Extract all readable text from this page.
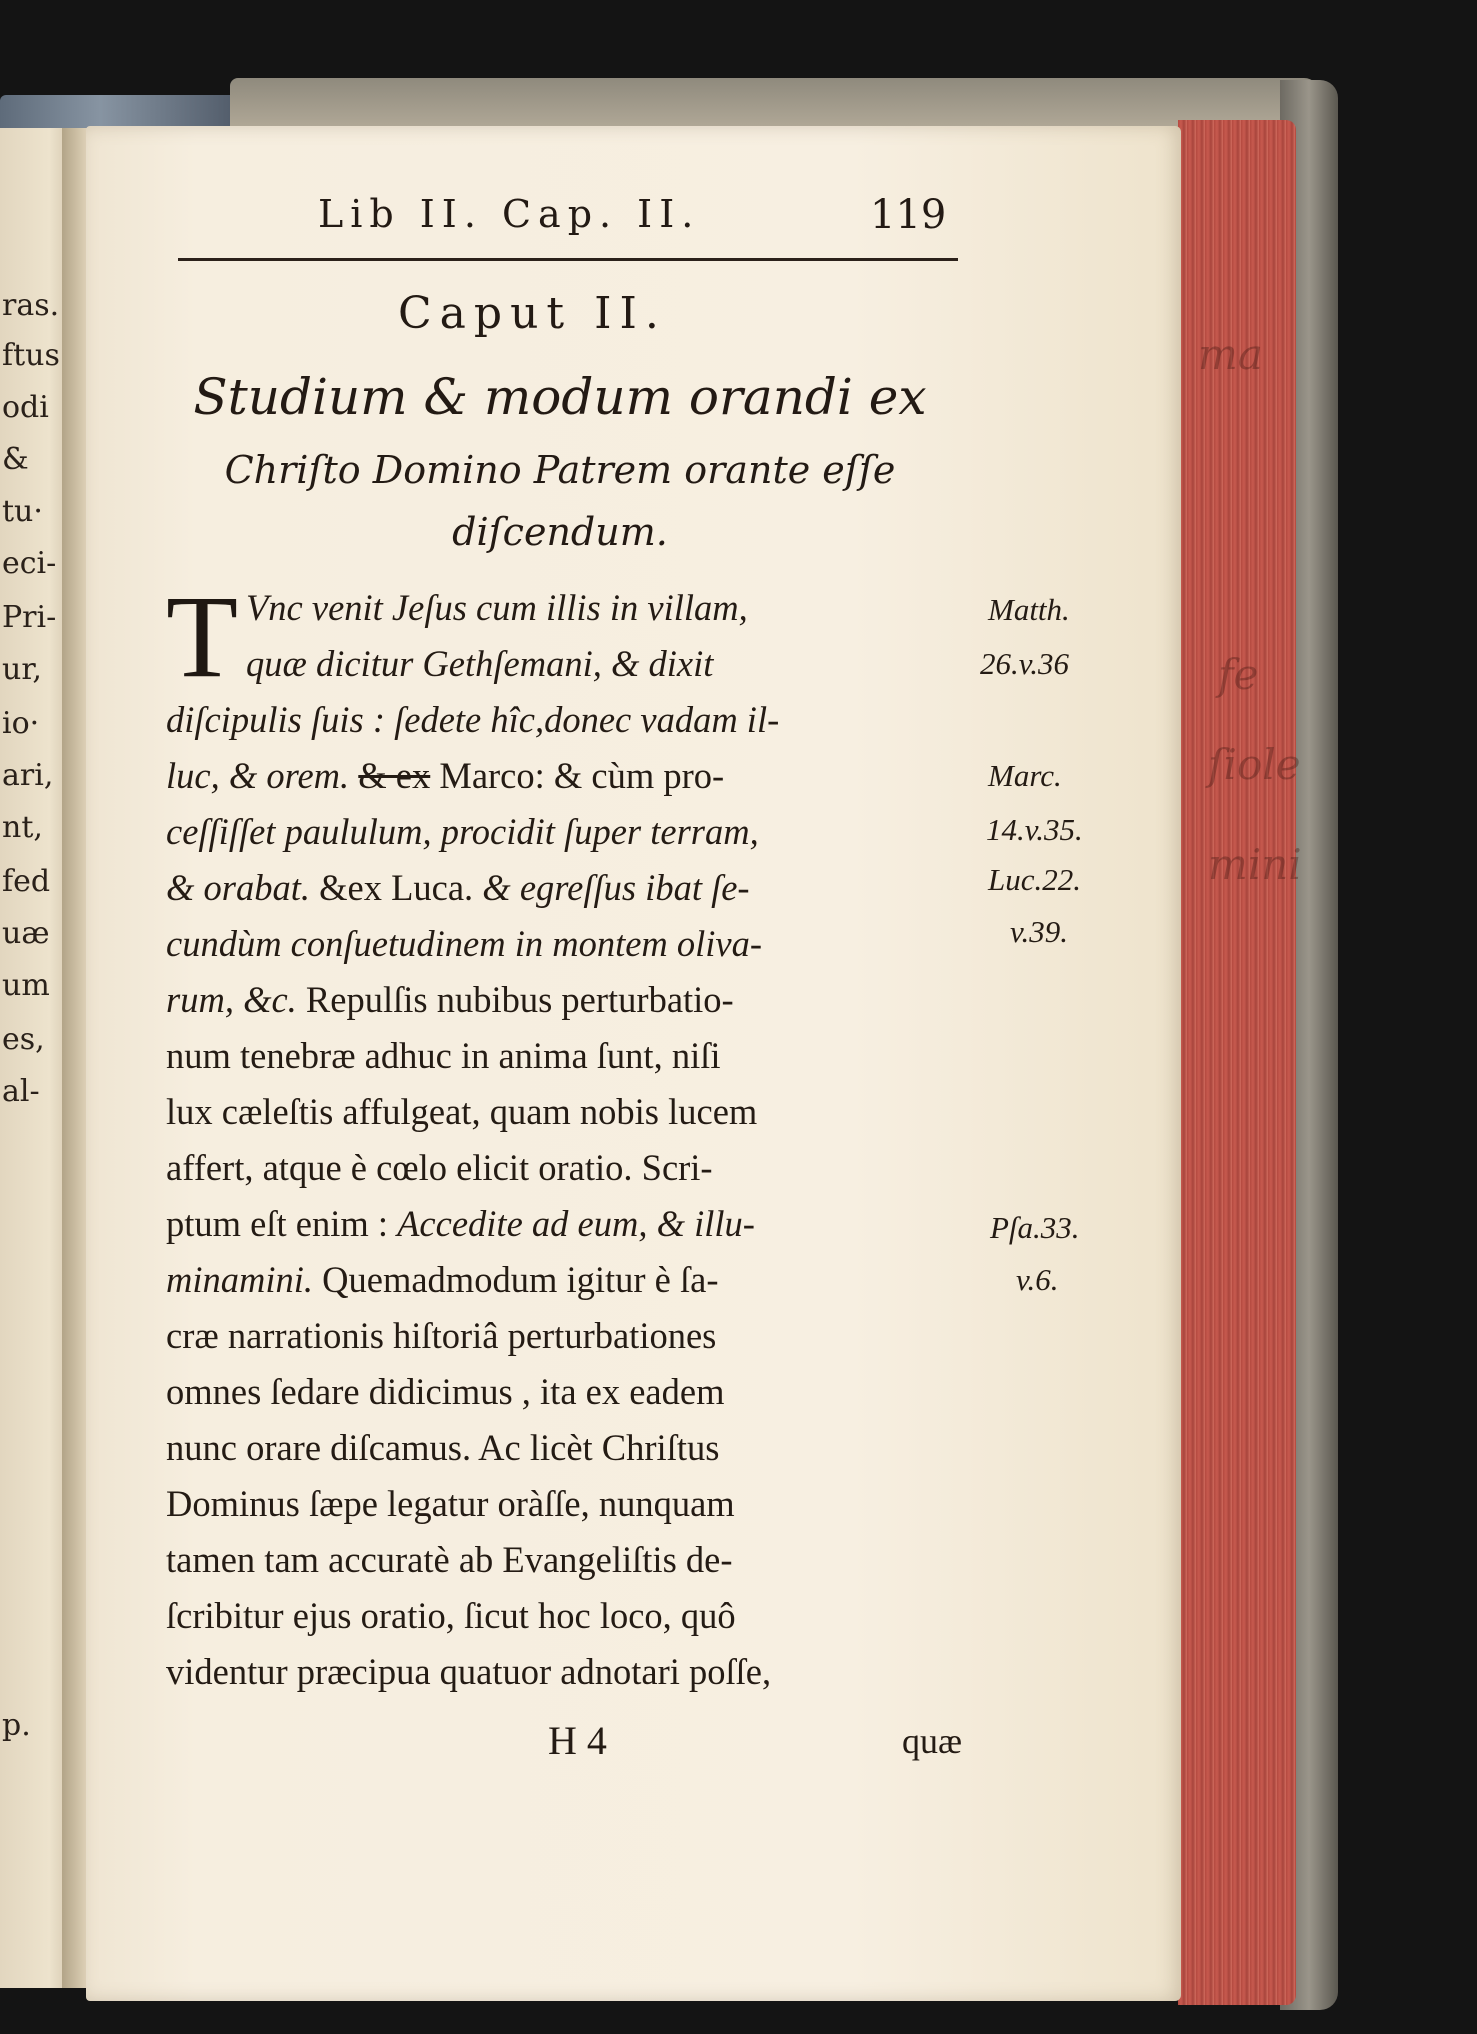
ras.
ftus
odi
&
tu·
eci-
Pri-
ur,
io·
ari,
nt,
fed
uæ
um
es,
al-
p.
ma
fe
ſiole
mini
Lib II. Cap. II.	119
Caput II.
Studium & modum orandi ex
Chriſto Domino Patrem orante eſſe
diſcendum.
T Vnc venit Jeſus cum illis in villam,
quæ dicitur Gethſemani, & dixit
diſcipulis ſuis : ſedete hîc,donec vadam il-
luc, & orem. & ex Marco: & cùm pro-
ceſſiſſet paululum, procidit ſuper terram,
& orabat. &ex Luca. & egreſſus ibat ſe-
cundùm conſuetudinem in montem oliva-
rum, &c. Repulſis nubibus perturbatio-
num tenebræ adhuc in anima ſunt, niſi
lux cæleſtis affulgeat, quam nobis lucem
affert, atque è cœlo elicit oratio. Scri-
ptum eſt enim : Accedite ad eum, & illu-
minamini. Quemadmodum igitur è ſa-
cræ narrationis hiſtoriâ perturbationes
omnes ſedare didicimus , ita ex eadem
nunc orare diſcamus. Ac licèt Chriſtus
Dominus ſæpe legatur oràſſe, nunquam
tamen tam accuratè ab Evangeliſtis de-
ſcribitur ejus oratio, ſicut hoc loco, quô
videntur præcipua quatuor adnotari poſſe,
Matth.
26.v.36
Marc.
14.v.35.
Luc.22.
v.39.
Pſa.33.
v.6.
H 4	quæ
